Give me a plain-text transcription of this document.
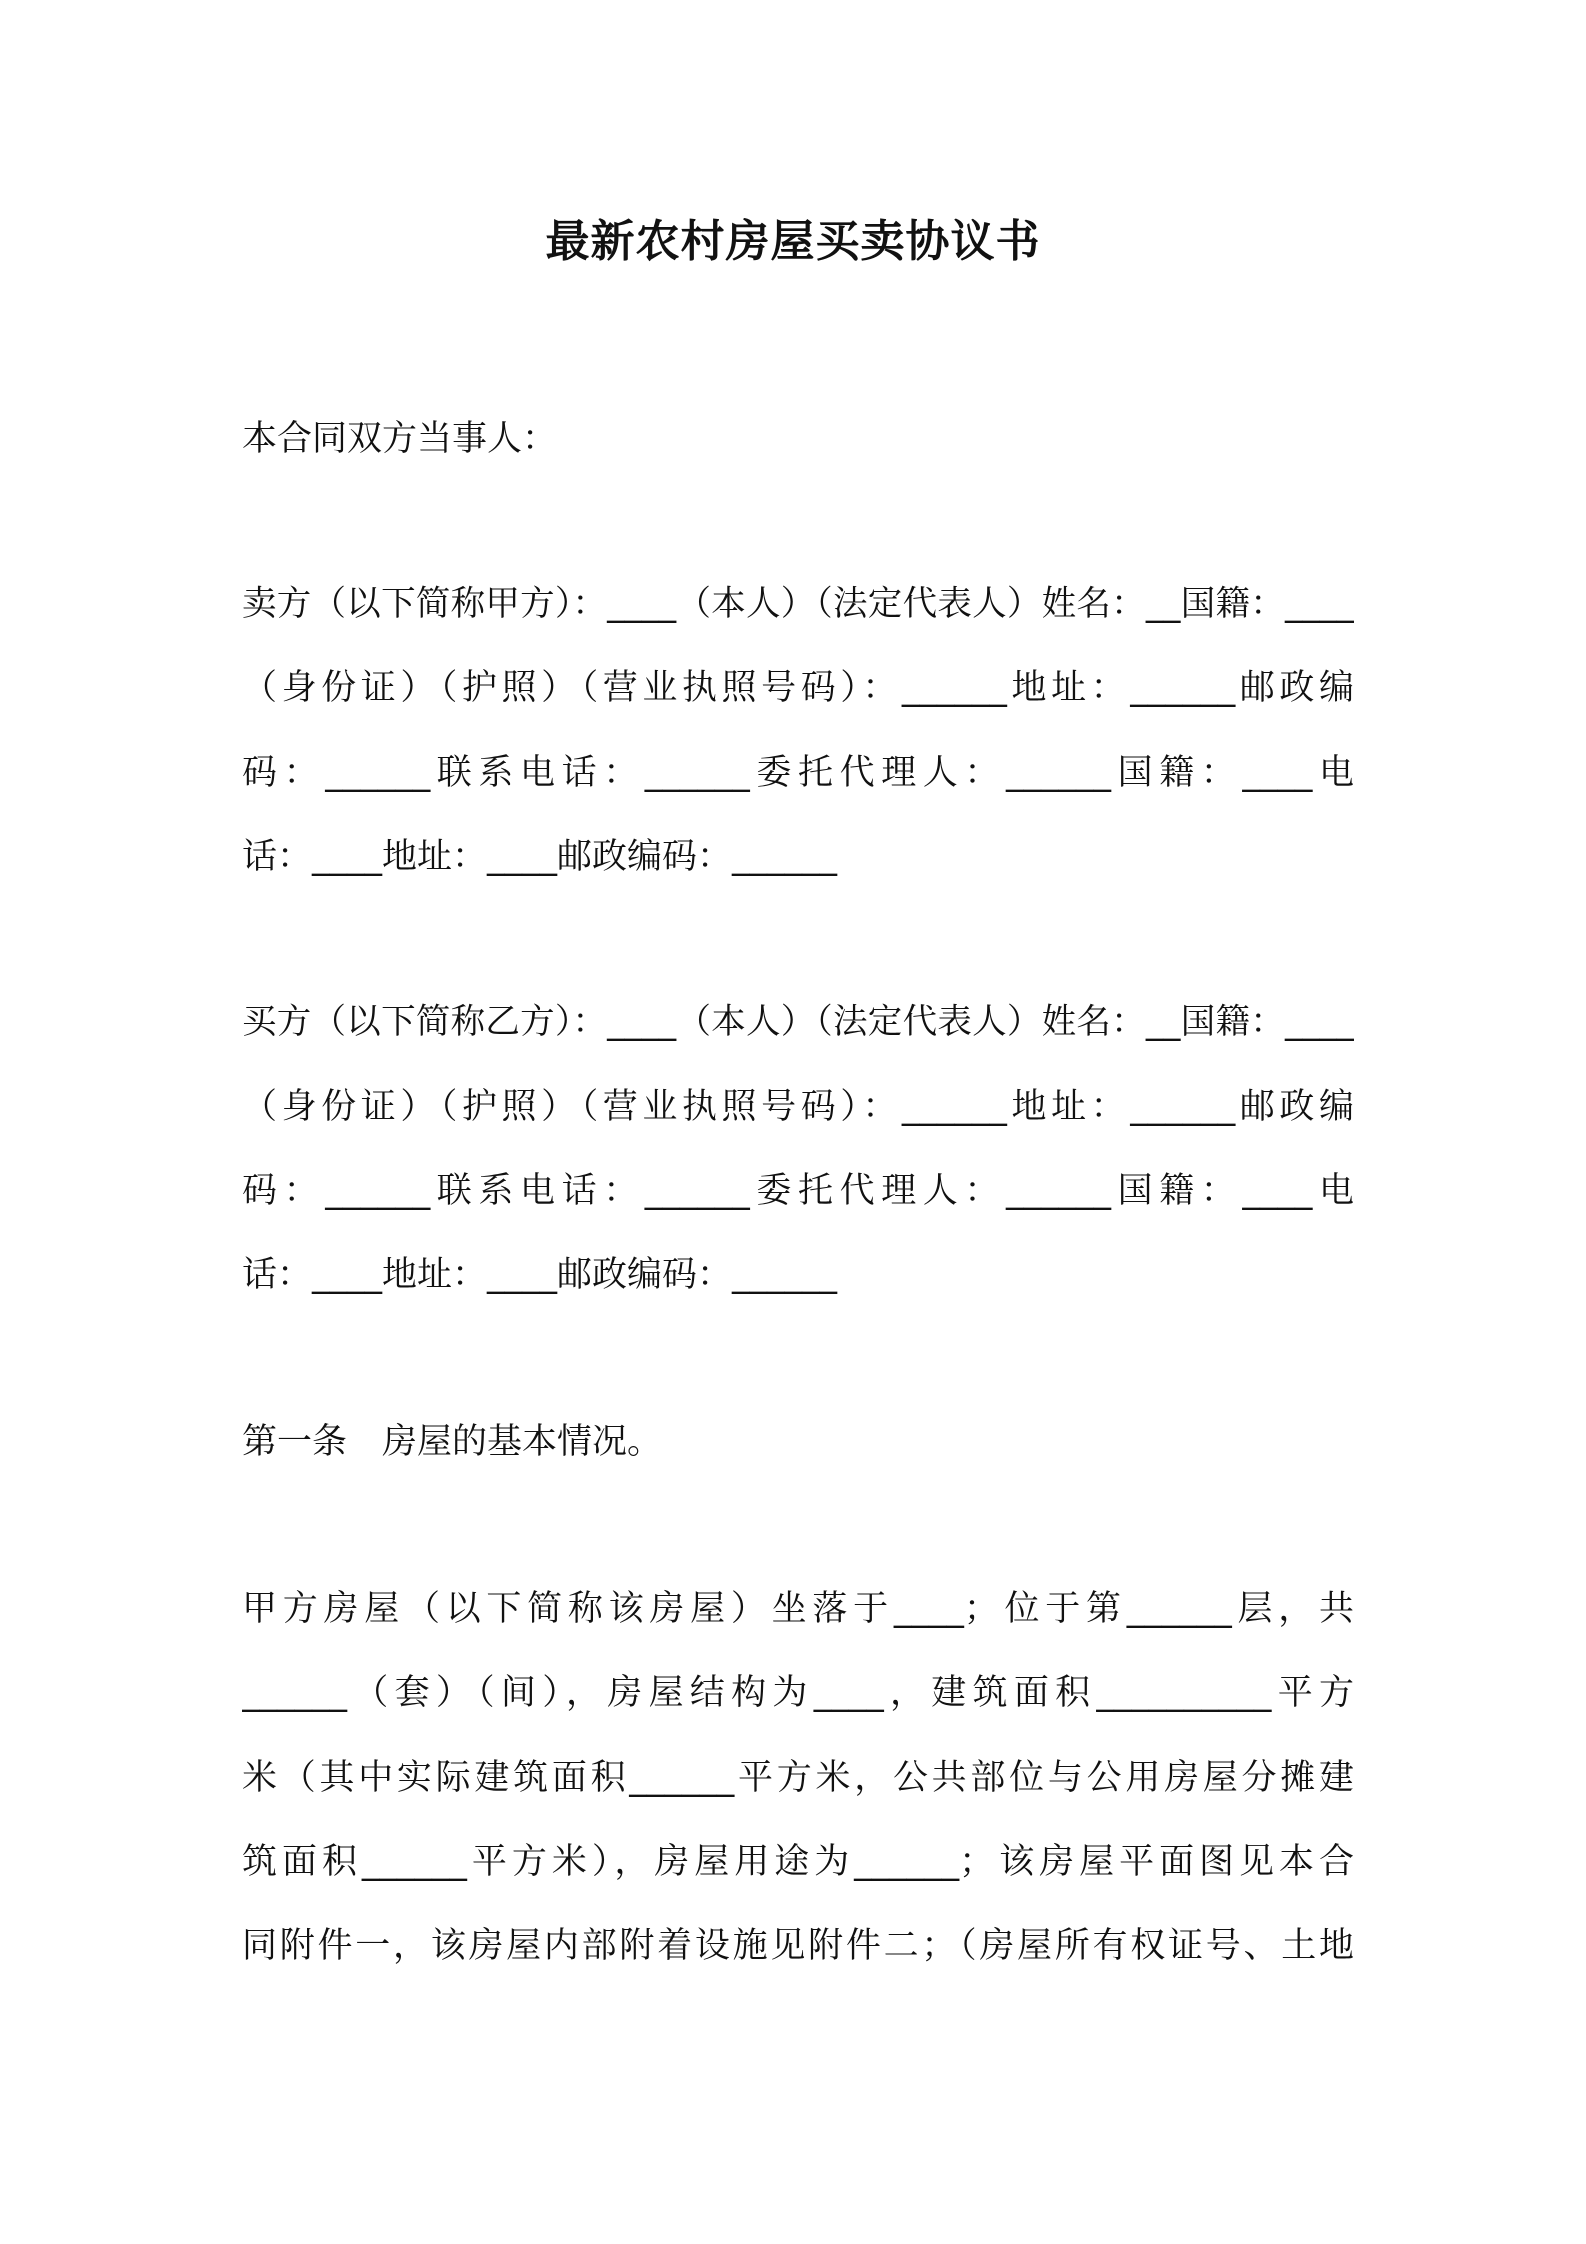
最新农村房屋买卖协议书
本合同双方当事人：
卖方（以下简称甲方）：____（本人）（法定代表人）姓名：__国籍：____
（身份证）（护照）（营业执照号码）：______地址：______邮政编
码：______联系电话：______委托代理人：______国籍：____电
话：____地址：____邮政编码：______
买方（以下简称乙方）：____（本人）（法定代表人）姓名：__国籍：____
（身份证）（护照）（营业执照号码）：______地址：______邮政编
码：______联系电话：______委托代理人：______国籍：____电
话：____地址：____邮政编码：______
第一条　房屋的基本情况。
甲方房屋（以下简称该房屋）坐落于____；位于第______层，共
______（套）（间），房屋结构为____，建筑面积__________平方
米（其中实际建筑面积______平方米，公共部位与公用房屋分摊建
筑面积______平方米），房屋用途为______；该房屋平面图见本合
同附件一，该房屋内部附着设施见附件二；（房屋所有权证号、土地
